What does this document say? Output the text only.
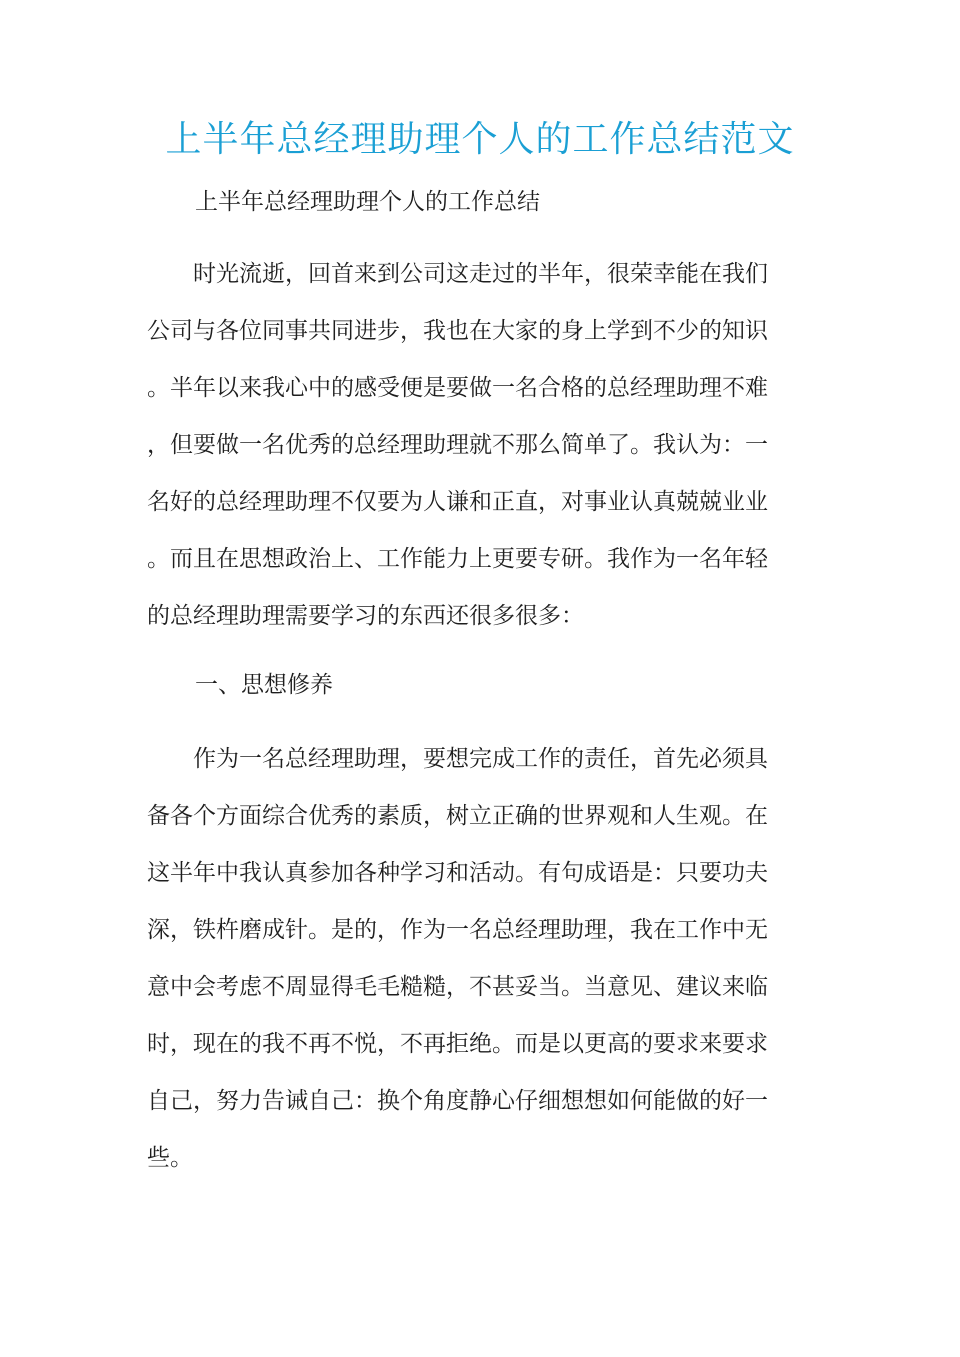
上半年总经理助理个人的工作总结范文

上半年总经理助理个人的工作总结

　　时光流逝，回首来到公司这走过的半年，很荣幸能在我们
公司与各位同事共同进步，我也在大家的身上学到不少的知识
。半年以来我心中的感受便是要做一名合格的总经理助理不难
，但要做一名优秀的总经理助理就不那么简单了。我认为：一
名好的总经理助理不仅要为人谦和正直，对事业认真兢兢业业
。而且在思想政治上、工作能力上更要专研。我作为一名年轻
的总经理助理需要学习的东西还很多很多：

一、思想修养

　　作为一名总经理助理，要想完成工作的责任，首先必须具
备各个方面综合优秀的素质，树立正确的世界观和人生观。在
这半年中我认真参加各种学习和活动。有句成语是：只要功夫
深，铁杵磨成针。是的，作为一名总经理助理，我在工作中无
意中会考虑不周显得毛毛糙糙，不甚妥当。当意见、建议来临
时，现在的我不再不悦，不再拒绝。而是以更高的要求来要求
自己，努力告诫自己：换个角度静心仔细想想如何能做的好一
些。
